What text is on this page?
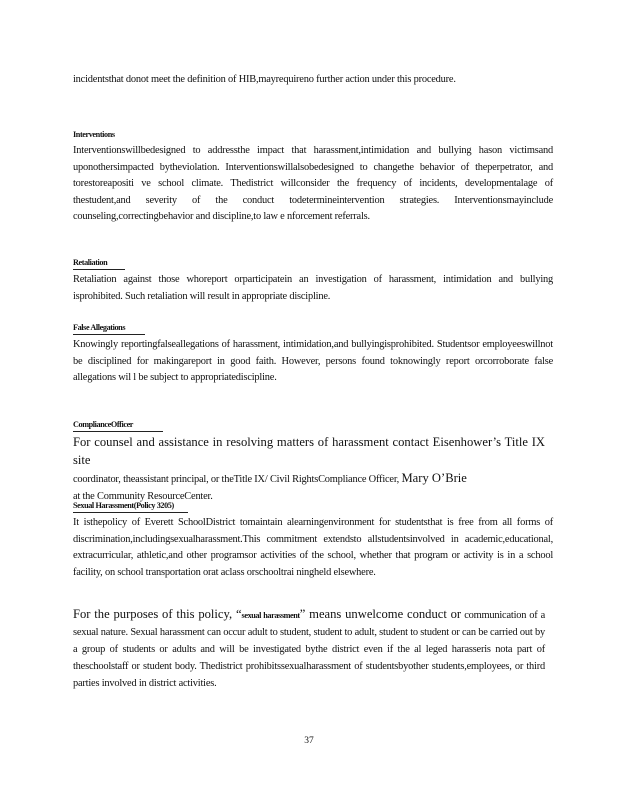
incidentsthat donot meet the definition of HIB,mayrequireno further action under this procedure.

Interventions

Interventionswillbedesigned to addressthe impact that harassment,intimidation and bullying hason victimsand uponothersimpacted bytheviolation. Interventionswillalsobedesigned to changethe behavior of theperpetrator, and torestoreapositi ve school climate. Thedistrict willconsider the frequency of incidents, developmentalage of thestudent,and severity of the conduct todetermineintervention strategies. Interventionsmayinclude counseling,correctingbehavior and discipline,to law e nforcement referrals.

Retaliation

Retaliation against those whoreport orparticipatein an investigation of harassment, intimidation and bullying isprohibited. Such retaliation will result in appropriate discipline.

False Allegations

Knowingly reportingfalseallegations of harassment, intimidation,and bullyingisprohibited. Studentsor employeeswillnot be disciplined for makingareport in good faith. However, persons found toknowingly report orcorroborate false allegations wil l be subject to appropriatediscipline.

ComplianceOfficer

For counsel and assistance in resolving matters of harassment contact Eisenhower’s Title IX site
coordinator, theassistant principal, or theTitle IX/ Civil RightsCompliance Officer, Mary O’Brie
at the Community ResourceCenter.

Sexual Harassment(Policy 3205)

It isthepolicy of Everett SchoolDistrict tomaintain alearningenvironment for studentsthat is free from all forms of discrimination,includingsexualharassment.This commitment extendsto allstudentsinvolved in academic,educational, extracurricular, athletic,and other programsor activities of the school, whether that program or activity is in a school facility, on school transportation orat aclass orschooltrai ningheld elsewhere.

For the purposes of this policy, “sexual harassment” means unwelcome conduct or communication of a sexual nature. Sexual harassment can occur adult to student, student to adult, student to student or can be carried out by a group of students or adults and will be investigated bythe district even if the al leged harasseris nota part of theschoolstaff or student body. Thedistrict prohibitssexualharassment of studentsbyother students,employees, or third parties involved in district activities.

37
